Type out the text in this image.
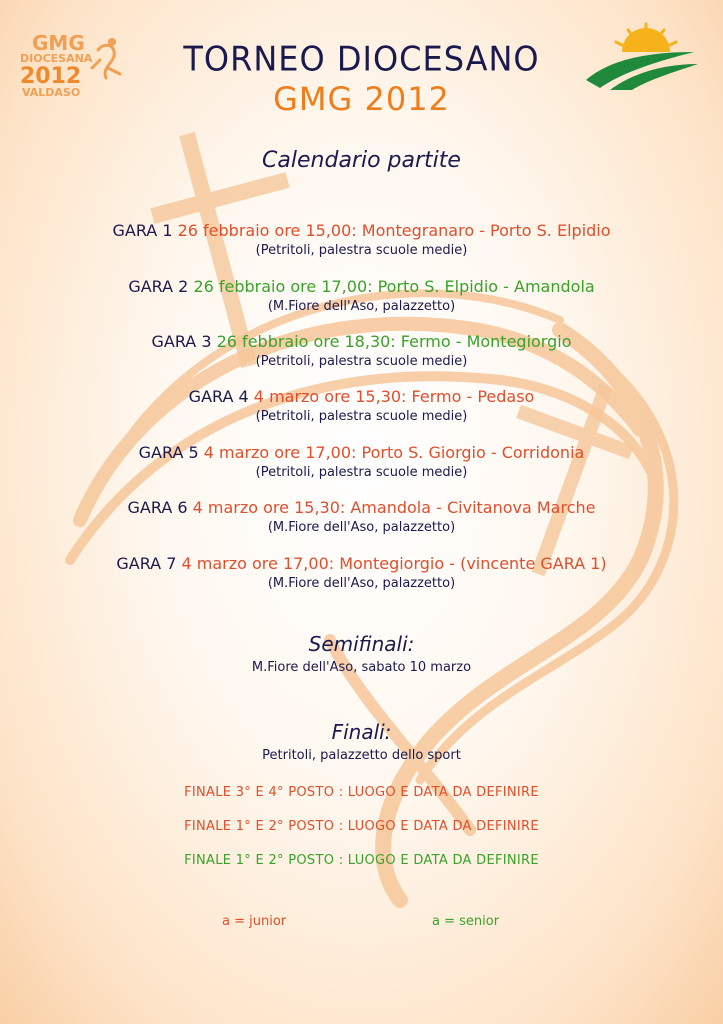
GMG
DIOCESANA
2012
VALDASO
TORNEO DIOCESANO
GMG 2012
Calendario partite
GARA 1 26 febbraio ore 15,00: Montegranaro - Porto S. Elpidio
(Petritoli, palestra scuole medie)
GARA 2 26 febbraio ore 17,00: Porto S. Elpidio - Amandola
(M.Fiore dell'Aso, palazzetto)
GARA 3 26 febbraio ore 18,30: Fermo - Montegiorgio
(Petritoli, palestra scuole medie)
GARA 4 4 marzo ore 15,30: Fermo - Pedaso
(Petritoli, palestra scuole medie)
GARA 5 4 marzo ore 17,00: Porto S. Giorgio - Corridonia
(Petritoli, palestra scuole medie)
GARA 6 4 marzo ore 15,30: Amandola - Civitanova Marche
(M.Fiore dell'Aso, palazzetto)
GARA 7 4 marzo ore 17,00: Montegiorgio - (vincente GARA 1)
(M.Fiore dell'Aso, palazzetto)
Semifinali:
M.Fiore dell'Aso, sabato 10 marzo
Finali:
Petritoli, palazzetto dello sport
FINALE 3° E 4° POSTO : LUOGO E DATA DA DEFINIRE
FINALE 1° E 2° POSTO : LUOGO E DATA DA DEFINIRE
FINALE 1° E 2° POSTO : LUOGO E DATA DA DEFINIRE
a = junior	a = senior
